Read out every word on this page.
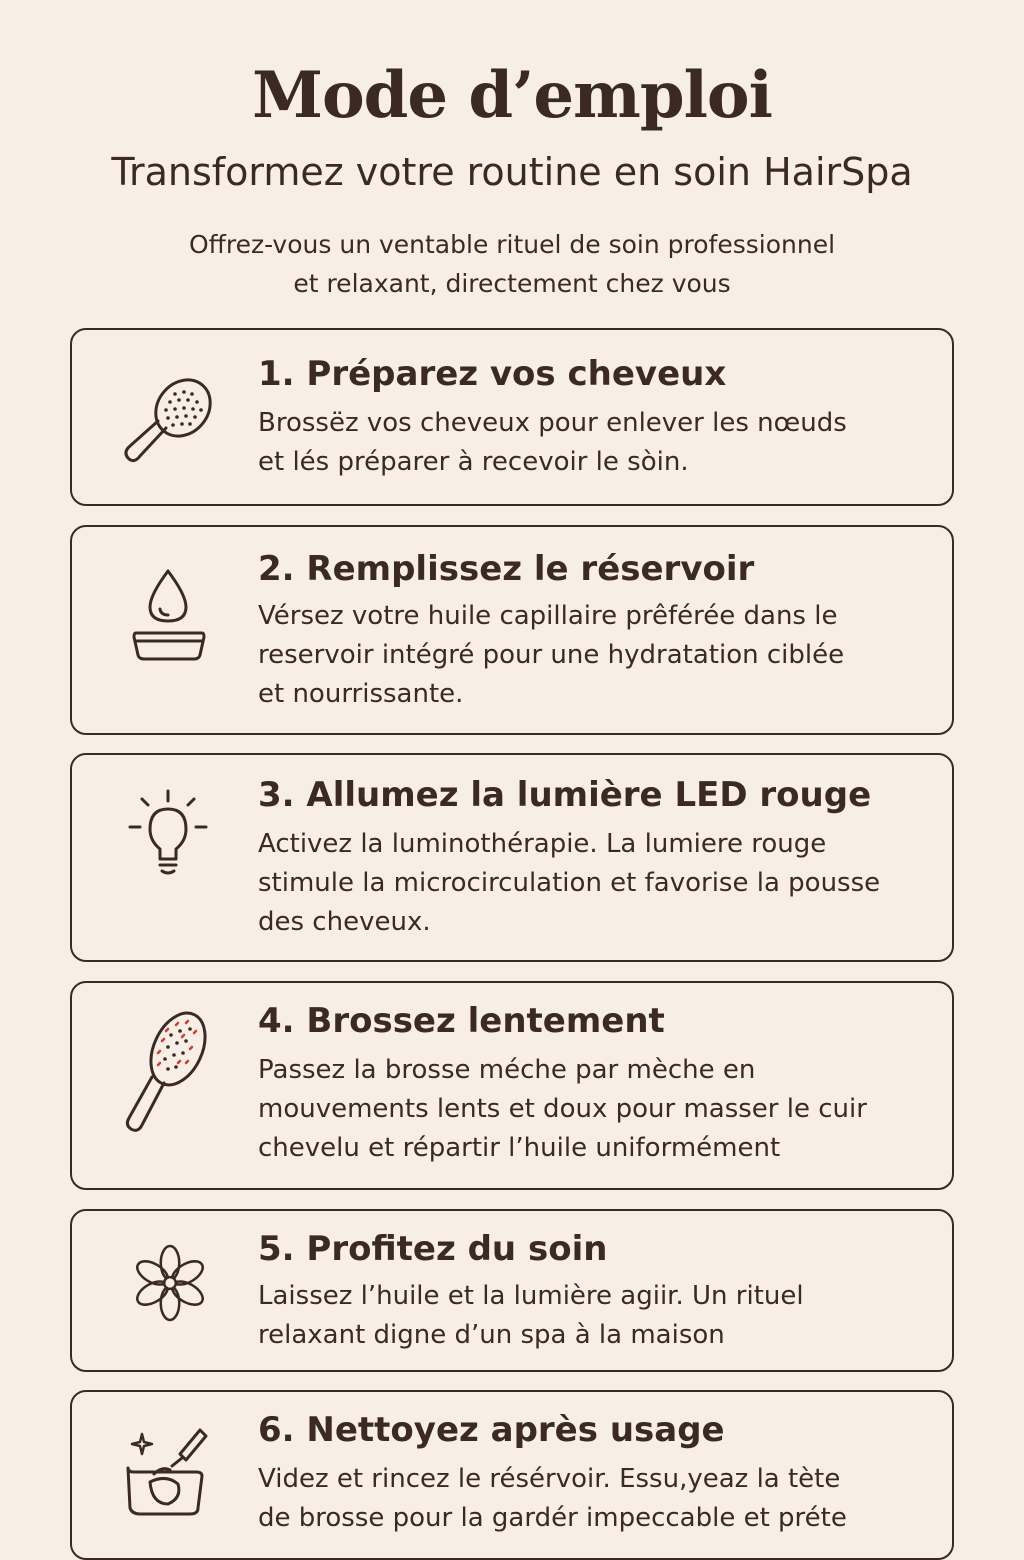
Mode d’emploi
Transformez votre routine en soin HairSpa
Offrez-vous un ventable rituel de soin professionnel
et relaxant, directement chez vous
1. Préparez vos cheveux
Brossëz vos cheveux pour enlever les nœuds
et lés préparer à recevoir le sòin.
2. Remplissez le réservoir
Vérsez votre huile capillaire prêférée dans le
reservoir intégré pour une hydratation ciblée
et nourrissante.
3. Allumez la lumière LED rouge
Activez la luminothérapie. La lumiere rouge
stimule la microcirculation et favorise la pousse
des cheveux.
4. Brossez lentement
Passez la brosse méche par mèche en
mouvements lents et doux pour masser le cuir
chevelu et répartir l’huile uniformément
5. Profitez du soin
Laissez l’huile et la lumière agiir. Un rituel
relaxant digne d’un spa à la maison
6. Nettoyez après usage
Videz et rincez le résérvoir. Essu,yeaz la tète
de brosse pour la gardér impeccable et préte
